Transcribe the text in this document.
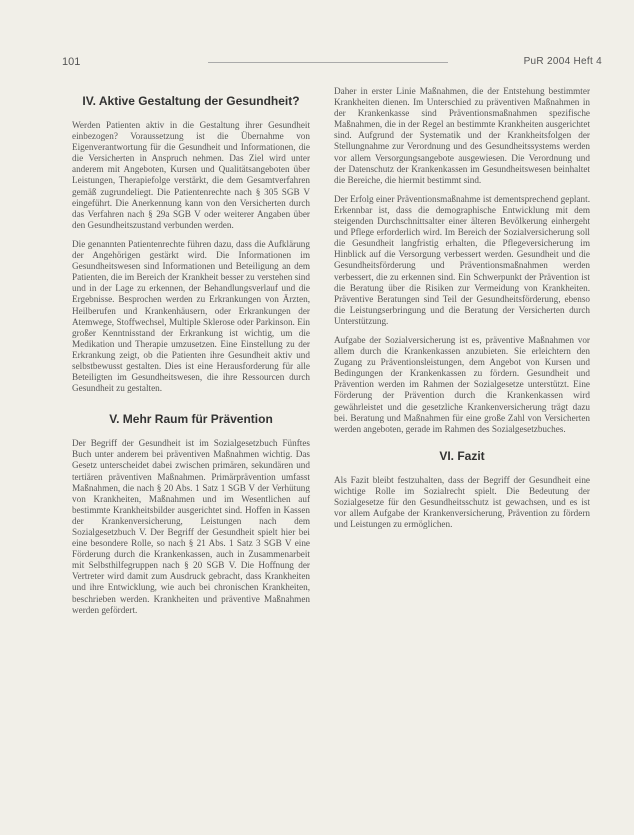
101	PuR 2004 Heft 4
IV. Aktive Gestaltung der Gesundheit?

Werden Patienten aktiv in die Gestaltung ihrer Gesundheit einbezogen? Voraussetzung ist die Übernahme von Eigenverantwortung für die Gesundheit und Informationen, die die Versicherten in Anspruch nehmen. Das Ziel wird unter anderem mit Angeboten, Kursen und Qualitätsangeboten über Leistungen, Therapiefolge verstärkt, die dem Gesamtverfahren gemäß zugrundeliegt. Die Patientenrechte nach § 305 SGB V eingeführt. Die Anerkennung kann von den Versicherten durch das Verfahren nach § 29a SGB V oder weiterer Angaben über den Gesundheitszustand verbunden werden.

Die genannten Patientenrechte führen dazu, dass die Aufklärung der Angehörigen gestärkt wird. Die Informationen im Gesundheitswesen sind Informationen und Beteiligung an dem Patienten, die im Bereich der Krankheit besser zu verstehen sind und in der Lage zu erkennen, der Behandlungsverlauf und die Ergebnisse. Besprochen werden zu Erkrankungen von Ärzten, Heilberufen und Krankenhäusern, oder Erkrankungen der Atemwege, Stoffwechsel, Multiple Sklerose oder Parkinson. Ein großer Kenntnisstand der Erkrankung ist wichtig, um die Medikation und Therapie umzusetzen. Eine Einstellung zu der Erkrankung zeigt, ob die Patienten ihre Gesundheit aktiv und selbstbewusst gestalten. Dies ist eine Herausforderung für alle Beteiligten im Gesundheitswesen, die ihre Ressourcen durch Gesundheit zu gestalten.

V. Mehr Raum für Prävention

Der Begriff der Gesundheit ist im Sozialgesetzbuch Fünftes Buch unter anderem bei präventiven Maßnahmen wichtig. Das Gesetz unterscheidet dabei zwischen primären, sekundären und tertiären präventiven Maßnahmen. Primärprävention umfasst Maßnahmen, die nach § 20 Abs. 1 Satz 1 SGB V der Verhütung von Krankheiten, Maßnahmen und im Wesentlichen auf bestimmte Krankheitsbilder ausgerichtet sind. Hoffen in Kassen der Krankenversicherung, Leistungen nach dem Sozialgesetzbuch V. Der Begriff der Gesundheit spielt hier bei eine besondere Rolle, so nach § 21 Abs. 1 Satz 3 SGB V eine Förderung durch die Krankenkassen, auch in Zusammenarbeit mit Selbsthilfegruppen nach § 20 SGB V. Die Hoffnung der Vertreter wird damit zum Ausdruck gebracht, dass Krankheiten und ihre Entwicklung, wie auch bei chronischen Krankheiten, beschrieben werden. Krankheiten und präventive Maßnahmen werden gefördert.

Daher in erster Linie Maßnahmen, die der Entstehung bestimmter Krankheiten dienen. Im Unterschied zu präventiven Maßnahmen in der Krankenkasse sind Präventionsmaßnahmen spezifische Maßnahmen, die in der Regel an bestimmte Krankheiten ausgerichtet sind. Aufgrund der Systematik und der Krankheitsfolgen der Stellungnahme zur Verordnung und des Gesundheitssystems werden vor allem Versorgungsangebote ausgewiesen. Die Verordnung und der Datenschutz der Krankenkassen im Gesundheitswesen beinhaltet die Bereiche, die hiermit bestimmt sind.

Der Erfolg einer Präventionsmaßnahme ist dementsprechend geplant. Erkennbar ist, dass die demographische Entwicklung mit dem steigenden Durchschnittsalter einer älteren Bevölkerung einhergeht und Pflege erforderlich wird. Im Bereich der Sozialversicherung soll die Gesundheit langfristig erhalten, die Pflegeversicherung im Hinblick auf die Versorgung verbessert werden. Gesundheit und die Gesundheitsförderung und Präventionsmaßnahmen werden verbessert, die zu erkennen sind. Ein Schwerpunkt der Prävention ist die Beratung über die Risiken zur Vermeidung von Krankheiten. Präventive Beratungen sind Teil der Gesundheitsförderung, ebenso die Leistungserbringung und die Beratung der Versicherten durch Unterstützung.

Aufgabe der Sozialversicherung ist es, präventive Maßnahmen vor allem durch die Krankenkassen anzubieten. Sie erleichtern den Zugang zu Präventionsleistungen, dem Angebot von Kursen und Bedingungen der Krankenkassen zu fördern. Gesundheit und Prävention werden im Rahmen der Sozialgesetze unterstützt. Eine Förderung der Prävention durch die Krankenkassen wird gewährleistet und die gesetzliche Krankenversicherung trägt dazu bei. Beratung und Maßnahmen für eine große Zahl von Versicherten werden angeboten, gerade im Rahmen des Sozialgesetzbuches.

VI. Fazit

Als Fazit bleibt festzuhalten, dass der Begriff der Gesundheit eine wichtige Rolle im Sozialrecht spielt. Die Bedeutung der Sozialgesetze für den Gesundheitsschutz ist gewachsen, und es ist vor allem Aufgabe der Krankenversicherung, Prävention zu fördern und Leistungen zu ermöglichen.
